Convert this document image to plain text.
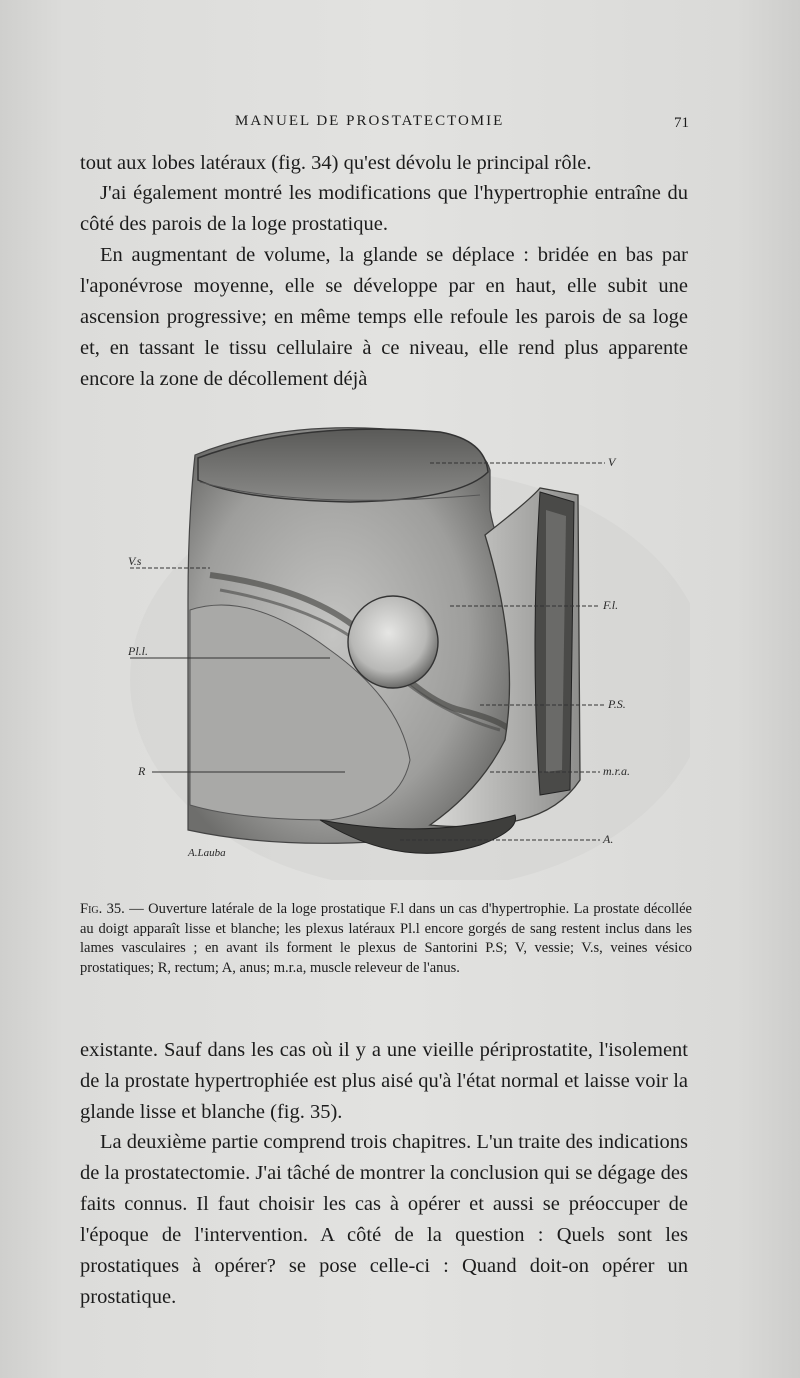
MANUEL DE PROSTATECTOMIE	71

tout aux lobes latéraux (fig. 34) qu'est dévolu le principal rôle.

J'ai également montré les modifications que l'hypertrophie entraîne du côté des parois de la loge prostatique.

En augmentant de volume, la glande se déplace : bridée en bas par l'aponévrose moyenne, elle se développe par en haut, elle subit une ascension progressive; en même temps elle refoule les parois de sa loge et, en tassant le tissu cellulaire à ce niveau, elle rend plus apparente encore la zone de décollement déjà

V
V.s
F.l.
Pl.l.
P.S.
R	m.r.a.
A.
A.Lauba

Fig. 35. — Ouverture latérale de la loge prostatique F.l dans un cas d'hypertrophie. La prostate décollée au doigt apparaît lisse et blanche; les plexus latéraux Pl.l encore gorgés de sang restent inclus dans les lames vasculaires ; en avant ils forment le plexus de Santorini P.S; V, vessie; V.s, veines vésico prostatiques; R, rectum; A, anus; m.r.a, muscle releveur de l'anus.

existante. Sauf dans les cas où il y a une vieille périprostatite, l'isolement de la prostate hypertrophiée est plus aisé qu'à l'état normal et laisse voir la glande lisse et blanche (fig. 35).

La deuxième partie comprend trois chapitres. L'un traite des indications de la prostatectomie. J'ai tâché de montrer la conclusion qui se dégage des faits connus. Il faut choisir les cas à opérer et aussi se préoccuper de l'époque de l'intervention. A côté de la question : Quels sont les prostatiques à opérer? se pose celle-ci : Quand doit-on opérer un prostatique.
